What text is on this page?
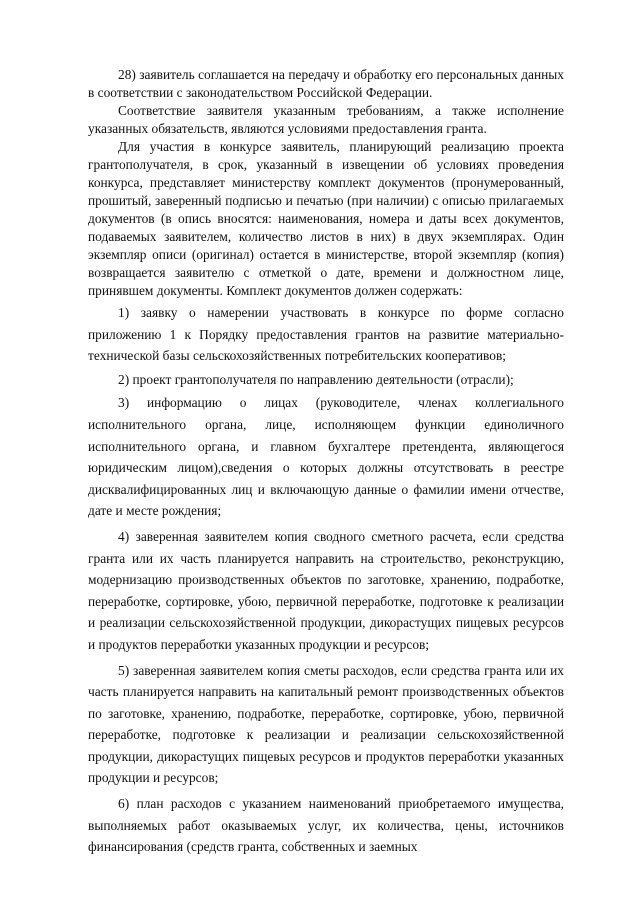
28) заявитель соглашается на передачу и обработку его персональных данных в соответствии с законодательством Российской Федерации.

Соответствие заявителя указанным требованиям, а также исполнение указанных обязательств, являются условиями предоставления гранта.

Для участия в конкурсе заявитель, планирующий реализацию проекта грантополучателя, в срок, указанный в извещении об условиях проведения конкурса, представляет министерству комплект документов (пронумерованный, прошитый, заверенный подписью и печатью (при наличии) с описью прилагаемых документов (в опись вносятся: наименования, номера и даты всех документов, подаваемых заявителем, количество листов в них) в двух экземплярах. Один экземпляр описи (оригинал) остается в министерстве, второй экземпляр (копия) возвращается заявителю с отметкой о дате, времени и должностном лице, принявшем документы. Комплект документов должен содержать:

1) заявку о намерении участвовать в конкурсе по форме согласно приложению 1 к Порядку предоставления грантов на развитие материально-технической базы сельскохозяйственных потребительских кооперативов;

2) проект грантополучателя по направлению деятельности (отрасли);

3) информацию о лицах (руководителе, членах коллегиального исполнительного органа, лице, исполняющем функции единоличного исполнительного органа, и главном бухгалтере претендента, являющегося юридическим лицом),сведения о которых должны отсутствовать в реестре дисквалифицированных лиц и включающую данные о фамилии имени отчестве, дате и месте рождения;

4) заверенная заявителем копия сводного сметного расчета, если средства гранта или их часть планируется направить на строительство, реконструкцию, модернизацию производственных объектов по заготовке, хранению, подработке, переработке, сортировке, убою, первичной переработке, подготовке к реализации и реализации сельскохозяйственной продукции, дикорастущих пищевых ресурсов и продуктов переработки указанных продукции и ресурсов;

5) заверенная заявителем копия сметы расходов, если средства гранта или их часть планируется направить на капитальный ремонт производственных объектов по заготовке, хранению, подработке, переработке, сортировке, убою, первичной переработке, подготовке к реализации и реализации сельскохозяйственной продукции, дикорастущих пищевых ресурсов и продуктов переработки указанных продукции и ресурсов;

6) план расходов с указанием наименований приобретаемого имущества, выполняемых работ оказываемых услуг, их количества, цены, источников финансирования (средств гранта, собственных и заемных
